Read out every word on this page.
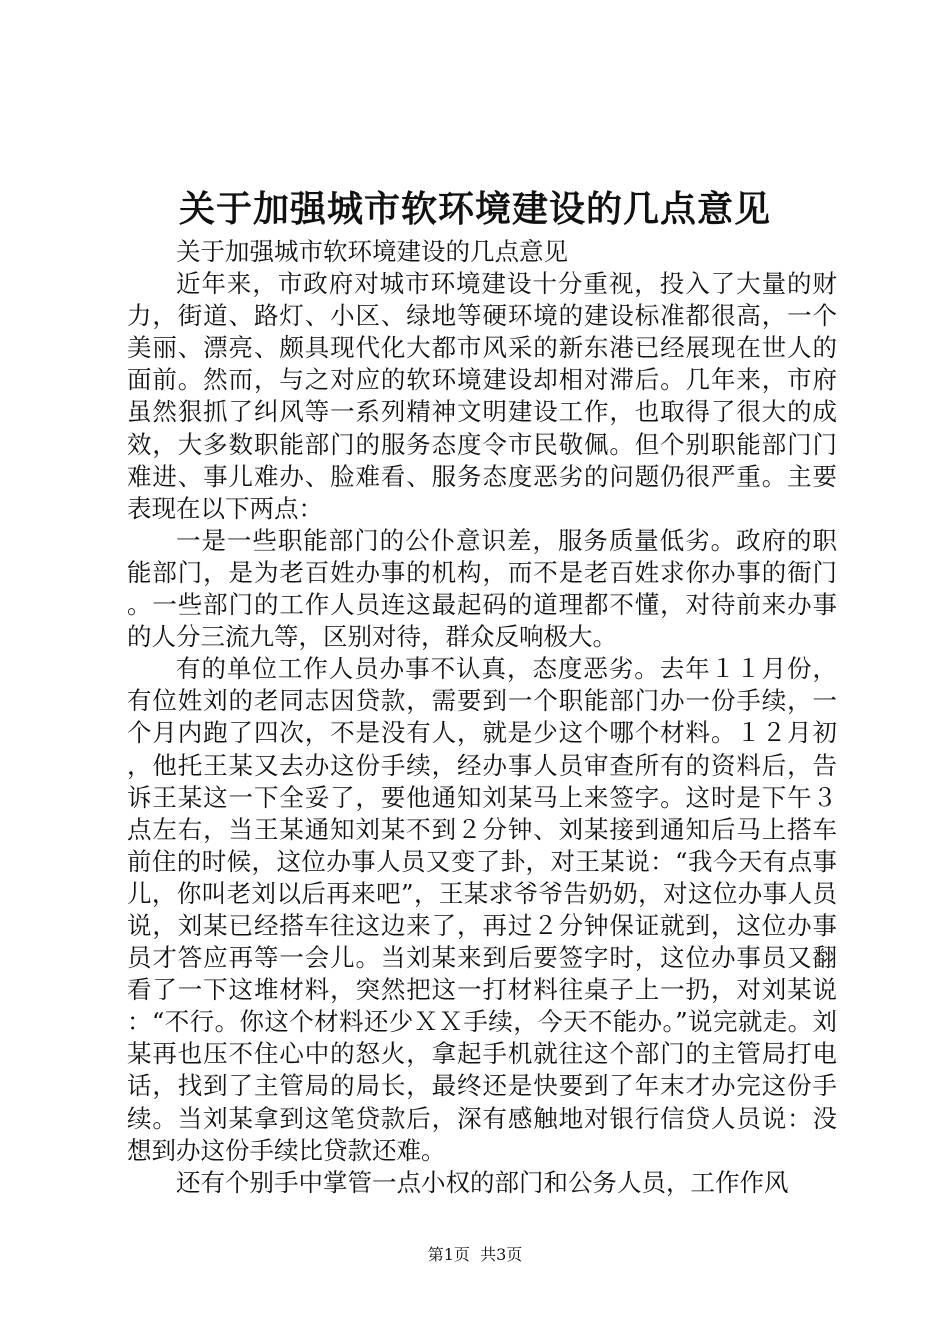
关于加强城市软环境建设的几点意见

关于加强城市软环境建设的几点意见

近年来，市政府对城市环境建设十分重视，投入了大量的财力，街道、路灯、小区、绿地等硬环境的建设标准都很高，一个美丽、漂亮、颇具现代化大都市风采的新东港已经展现在世人的面前。然而，与之对应的软环境建设却相对滞后。几年来，市府虽然狠抓了纠风等一系列精神文明建设工作，也取得了很大的成效，大多数职能部门的服务态度令市民敬佩。但个别职能部门门难进、事儿难办、脸难看、服务态度恶劣的问题仍很严重。主要表现在以下两点：

一是一些职能部门的公仆意识差，服务质量低劣。政府的职能部门，是为老百姓办事的机构，而不是老百姓求你办事的衙门。一些部门的工作人员连这最起码的道理都不懂，对待前来办事的人分三流九等，区别对待，群众反响极大。

有的单位工作人员办事不认真，态度恶劣。去年１１月份，有位姓刘的老同志因贷款，需要到一个职能部门办一份手续，一个月内跑了四次，不是没有人，就是少这个哪个材料。１２月初，他托王某又去办这份手续，经办事人员审查所有的资料后，告诉王某这一下全妥了，要他通知刘某马上来签字。这时是下午３点左右，当王某通知刘某不到２分钟、刘某接到通知后马上搭车前住的时候，这位办事人员又变了卦，对王某说：“我今天有点事儿，你叫老刘以后再来吧”，王某求爷爷告奶奶，对这位办事人员说，刘某已经搭车往这边来了，再过２分钟保证就到，这位办事员才答应再等一会儿。当刘某来到后要签字时，这位办事员又翻看了一下这堆材料，突然把这一打材料往桌子上一扔，对刘某说：“不行。你这个材料还少ＸＸ手续，今天不能办。”说完就走。刘某再也压不住心中的怒火，拿起手机就往这个部门的主管局打电话，找到了主管局的局长，最终还是快要到了年末才办完这份手续。当刘某拿到这笔贷款后，深有感触地对银行信贷人员说：没想到办这份手续比贷款还难。

还有个别手中掌管一点小权的部门和公务人员，工作作风

第1页  共3页
